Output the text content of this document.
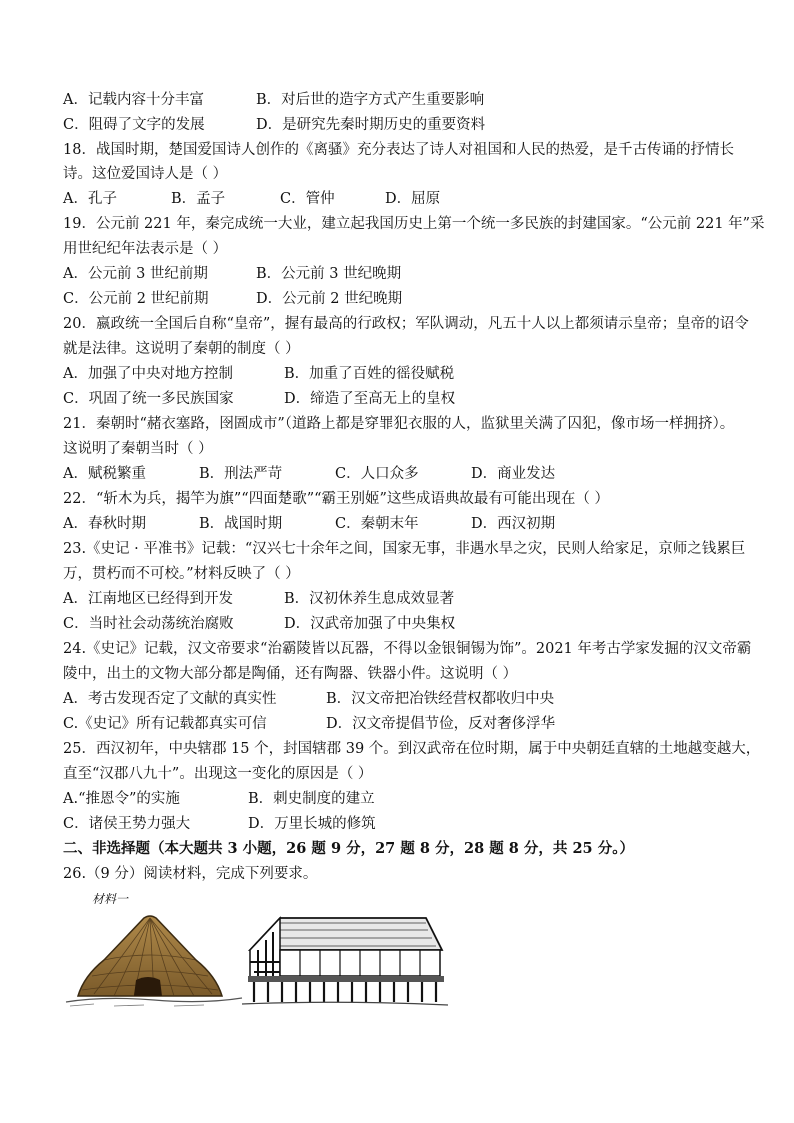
A．记载内容十分丰富	B．对后世的造字方式产生重要影响
C．阻碍了文字的发展	D．是研究先秦时期历史的重要资料
18．战国时期，楚国爱国诗人创作的《离骚》充分表达了诗人对祖国和人民的热爱，是千古传诵的抒情长
诗。这位爱国诗人是（ ）
A．孔子	B．孟子	C．管仲	D．屈原
19．公元前 221 年，秦完成统一大业，建立起我国历史上第一个统一多民族的封建国家。“公元前 221 年”采
用世纪纪年法表示是（ ）
A．公元前 3 世纪前期	B．公元前 3 世纪晚期
C．公元前 2 世纪前期	D．公元前 2 世纪晚期
20．嬴政统一全国后自称“皇帝”，握有最高的行政权；军队调动，凡五十人以上都须请示皇帝；皇帝的诏令
就是法律。这说明了秦朝的制度（ ）
A．加强了中央对地方控制	B．加重了百姓的徭役赋税
C．巩固了统一多民族国家	D．缔造了至高无上的皇权
21．秦朝时“赭衣塞路，囹圄成市”（道路上都是穿罪犯衣服的人，监狱里关满了囚犯，像市场一样拥挤）。
这说明了秦朝当时（ ）
A．赋税繁重	B．刑法严苛	C．人口众多	D．商业发达
22．“斩木为兵，揭竿为旗”“四面楚歌”“霸王别姬”这些成语典故最有可能出现在（ ）
A．春秋时期	B．战国时期	C．秦朝末年	D．西汉初期
23.《史记 · 平准书》记载：“汉兴七十余年之间，国家无事，非遇水旱之灾，民则人给家足，京师之钱累巨
万，贯朽而不可校。”材料反映了（ ）
A．江南地区已经得到开发	B．汉初休养生息成效显著
C．当时社会动荡统治腐败	D．汉武帝加强了中央集权
24.《史记》记载，汉文帝要求“治霸陵皆以瓦器，不得以金银铜锡为饰”。2021 年考古学家发掘的汉文帝霸
陵中，出土的文物大部分都是陶俑，还有陶器、铁器小件。这说明（ ）
A．考古发现否定了文献的真实性	B．汉文帝把冶铁经营权都收归中央
C.《史记》所有记载都真实可信	D．汉文帝提倡节俭，反对奢侈浮华
25．西汉初年，中央辖郡 15 个，封国辖郡 39 个。到汉武帝在位时期，属于中央朝廷直辖的土地越变越大，
直至“汉郡八九十”。出现这一变化的原因是（ ）
A.“推恩令”的实施	B．刺史制度的建立
C．诸侯王势力强大	D．万里长城的修筑
二、非选择题（本大题共 3 小题，26 题 9 分，27 题 8 分，28 题 8 分，共 25 分。）
26.（9 分）阅读材料，完成下列要求。
材料一
